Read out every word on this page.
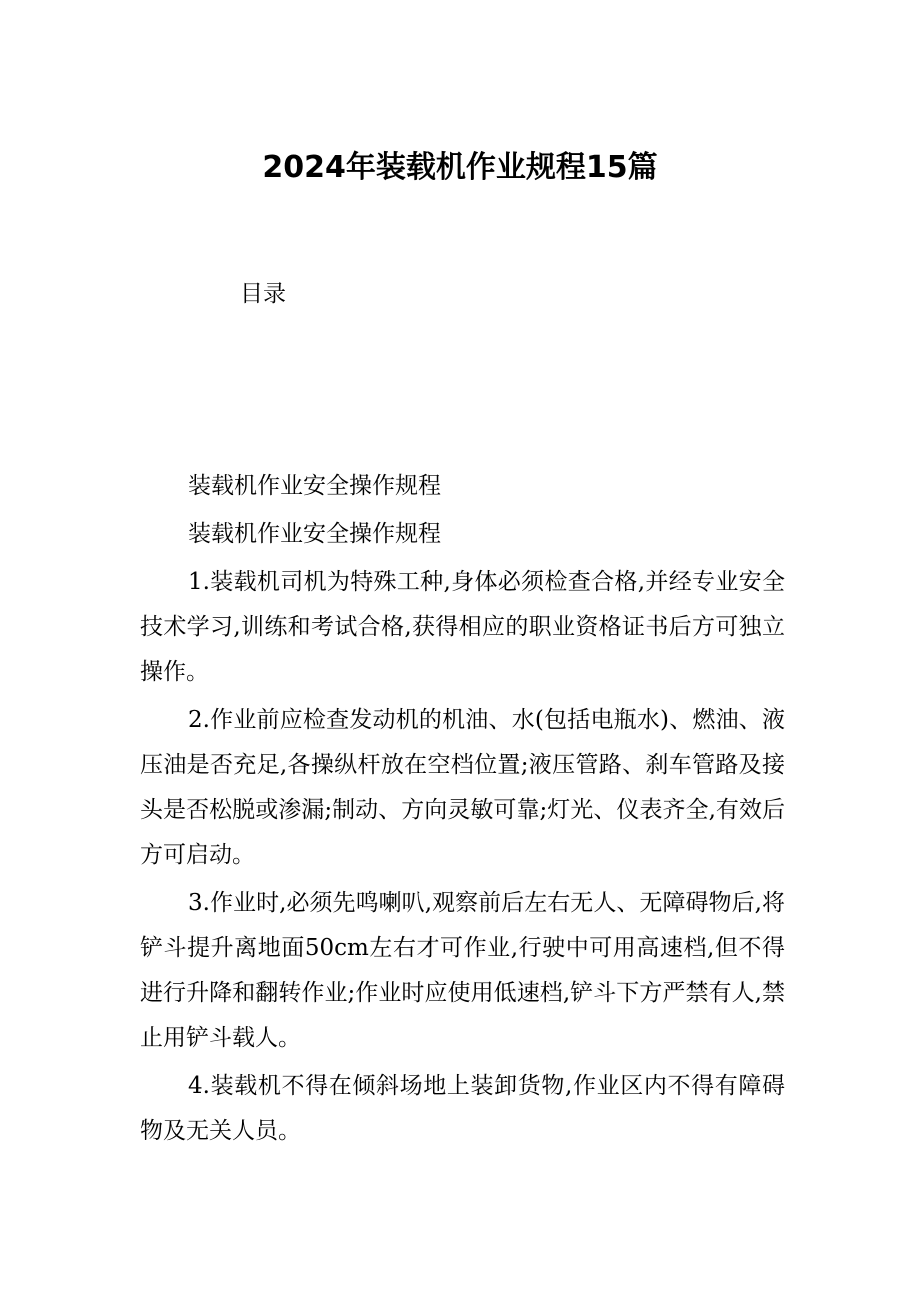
2024年装载机作业规程15篇
目录

装载机作业安全操作规程

装载机作业安全操作规程

1.装载机司机为特殊工种,身体必须检查合格,并经专业安全技术学习,训练和考试合格,获得相应的职业资格证书后方可独立操作。

2.作业前应检查发动机的机油、水(包括电瓶水)、燃油、液压油是否充足,各操纵杆放在空档位置;液压管路、刹车管路及接头是否松脱或渗漏;制动、方向灵敏可靠;灯光、仪表齐全,有效后方可启动。

3.作业时,必须先鸣喇叭,观察前后左右无人、无障碍物后,将铲斗提升离地面50cm左右才可作业,行驶中可用高速档,但不得进行升降和翻转作业;作业时应使用低速档,铲斗下方严禁有人,禁止用铲斗载人。

4.装载机不得在倾斜场地上装卸货物,作业区内不得有障碍物及无关人员。
